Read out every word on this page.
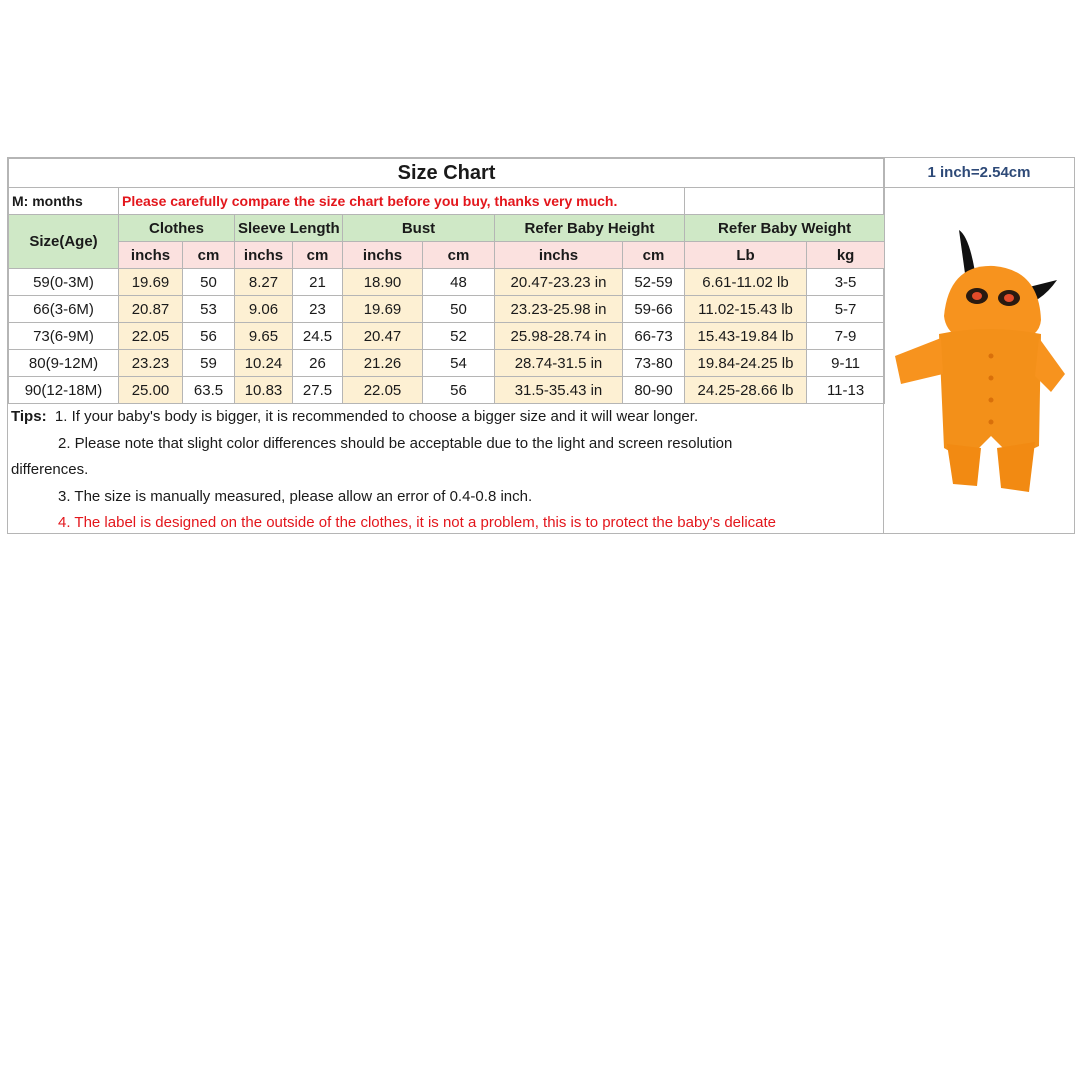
Size Chart										
M: months	Please carefully compare the size chart before you buy, thanks very much.									
Size(Age)	Clothes		Sleeve Length		Bust		Refer Baby Height		Refer Baby Weight	
	inchs	cm	inchs	cm	inchs	cm	inchs	cm	Lb	kg
59(0-3M)	19.69	50	8.27	21	18.90	48	20.47-23.23 in	52-59	6.61-11.02 lb	3-5
66(3-6M)	20.87	53	9.06	23	19.69	50	23.23-25.98 in	59-66	11.02-15.43 lb	5-7
73(6-9M)	22.05	56	9.65	24.5	20.47	52	25.98-28.74 in	66-73	15.43-19.84 lb	7-9
80(9-12M)	23.23	59	10.24	26	21.26	54	28.74-31.5 in	73-80	19.84-24.25 lb	9-11
90(12-18M)	25.00	63.5	10.83	27.5	22.05	56	31.5-35.43 in	80-90	24.25-28.66 lb	11-13
Tips: 1. If your baby's body is bigger, it is recommended to choose a bigger size and it will wear longer.
2. Please note that slight color differences should be acceptable due to the light and screen resolution
differences.
3. The size is manually measured, please allow an error of 0.4-0.8 inch.
4. The label is designed on the outside of the clothes, it is not a problem, this is to protect the baby's delicate
1 inch=2.54cm
